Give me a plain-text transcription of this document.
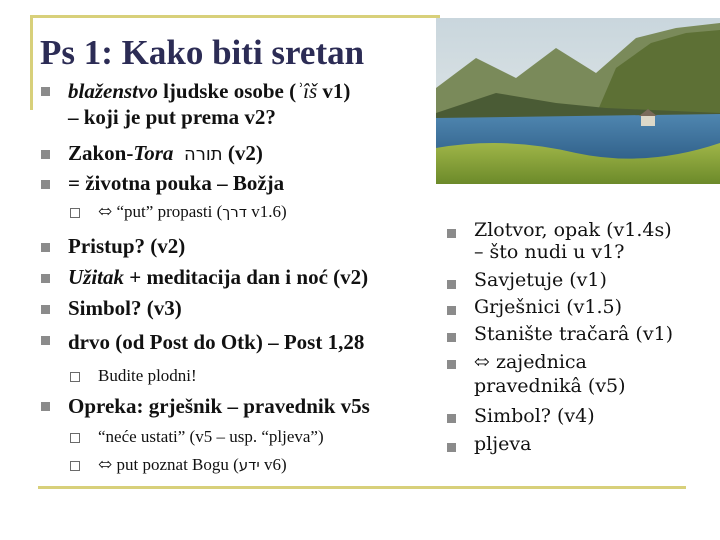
Ps 1: Kako biti sretan
blaženstvo ljudske osobe (ʾîš v1)
– koji je put prema v2?
Zakon-Tora תורה (v2)
= životna pouka – Božja
⬄ “put” propasti (דרך v1.6)
Pristup? (v2)
Užitak + meditacija dan i noć (v2)
Simbol? (v3)
drvo (od Post do Otk) – Post 1,28
Budite plodni!
Opreka: grješnik – pravednik v5s
“neće ustati” (v5 – usp. “pljeva”)
⬄ put poznat Bogu (ידע v6)
Zlotvor, opak (v1.4s)
– što nudi u v1?
Savjetuje (v1)
Grješnici (v1.5)
Stanište tračarâ (v1)
⬄ zajednica
pravednikâ (v5)
Simbol? (v4)
pljeva
